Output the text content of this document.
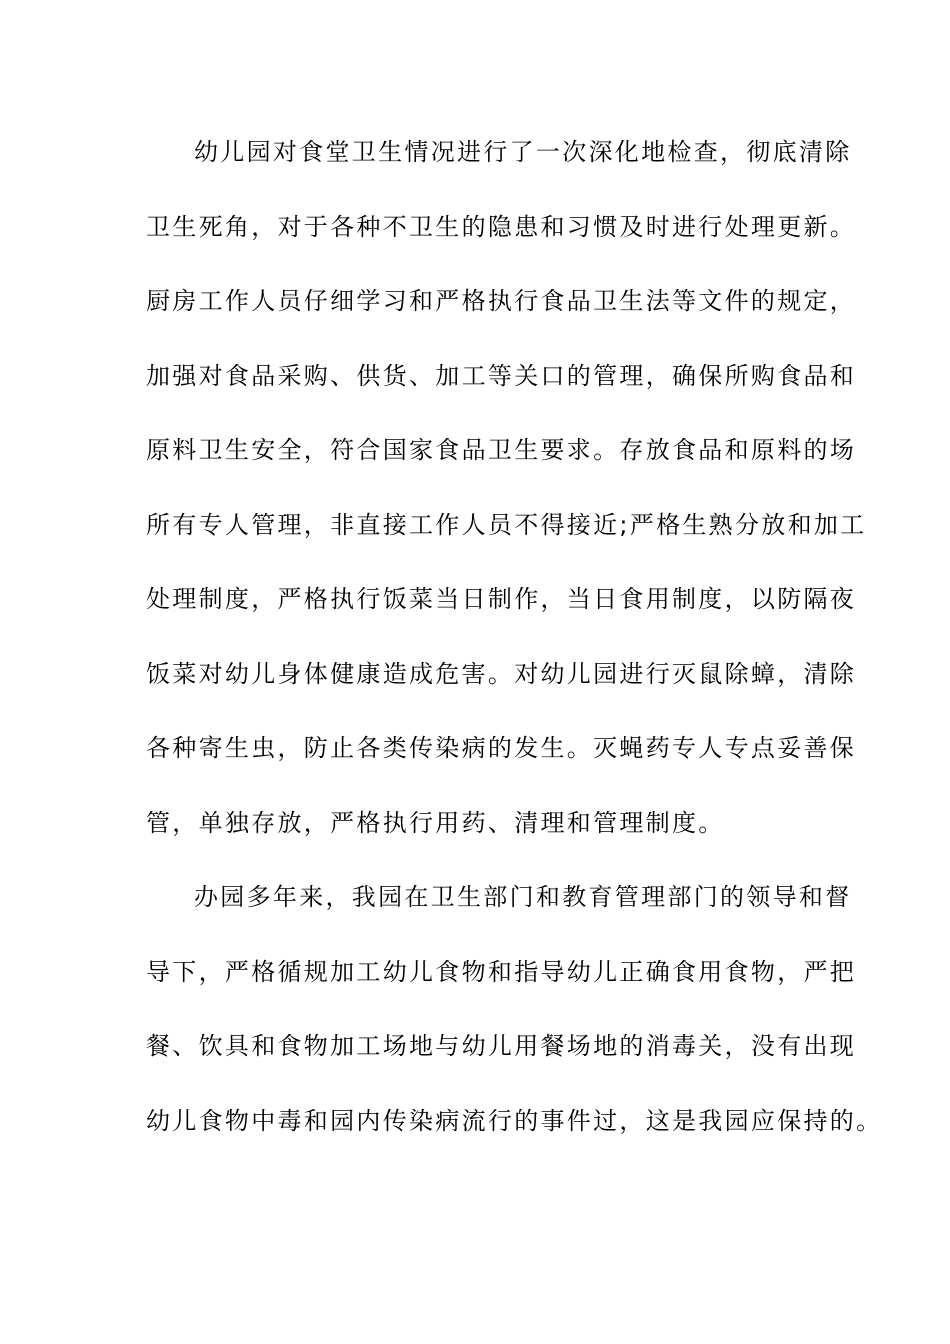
幼儿园对食堂卫生情况进行了一次深化地检查，彻底清除
卫生死角，对于各种不卫生的隐患和习惯及时进行处理更新。
厨房工作人员仔细学习和严格执行食品卫生法等文件的规定，
加强对食品采购、供货、加工等关口的管理，确保所购食品和
原料卫生安全，符合国家食品卫生要求。存放食品和原料的场
所有专人管理，非直接工作人员不得接近;严格生熟分放和加工
处理制度，严格执行饭菜当日制作，当日食用制度，以防隔夜
饭菜对幼儿身体健康造成危害。对幼儿园进行灭鼠除蟑，清除
各种寄生虫，防止各类传染病的发生。灭蝇药专人专点妥善保
管，单独存放，严格执行用药、清理和管理制度。
办园多年来，我园在卫生部门和教育管理部门的领导和督
导下，严格循规加工幼儿食物和指导幼儿正确食用食物，严把
餐、饮具和食物加工场地与幼儿用餐场地的消毒关，没有出现
幼儿食物中毒和园内传染病流行的事件过，这是我园应保持的。
